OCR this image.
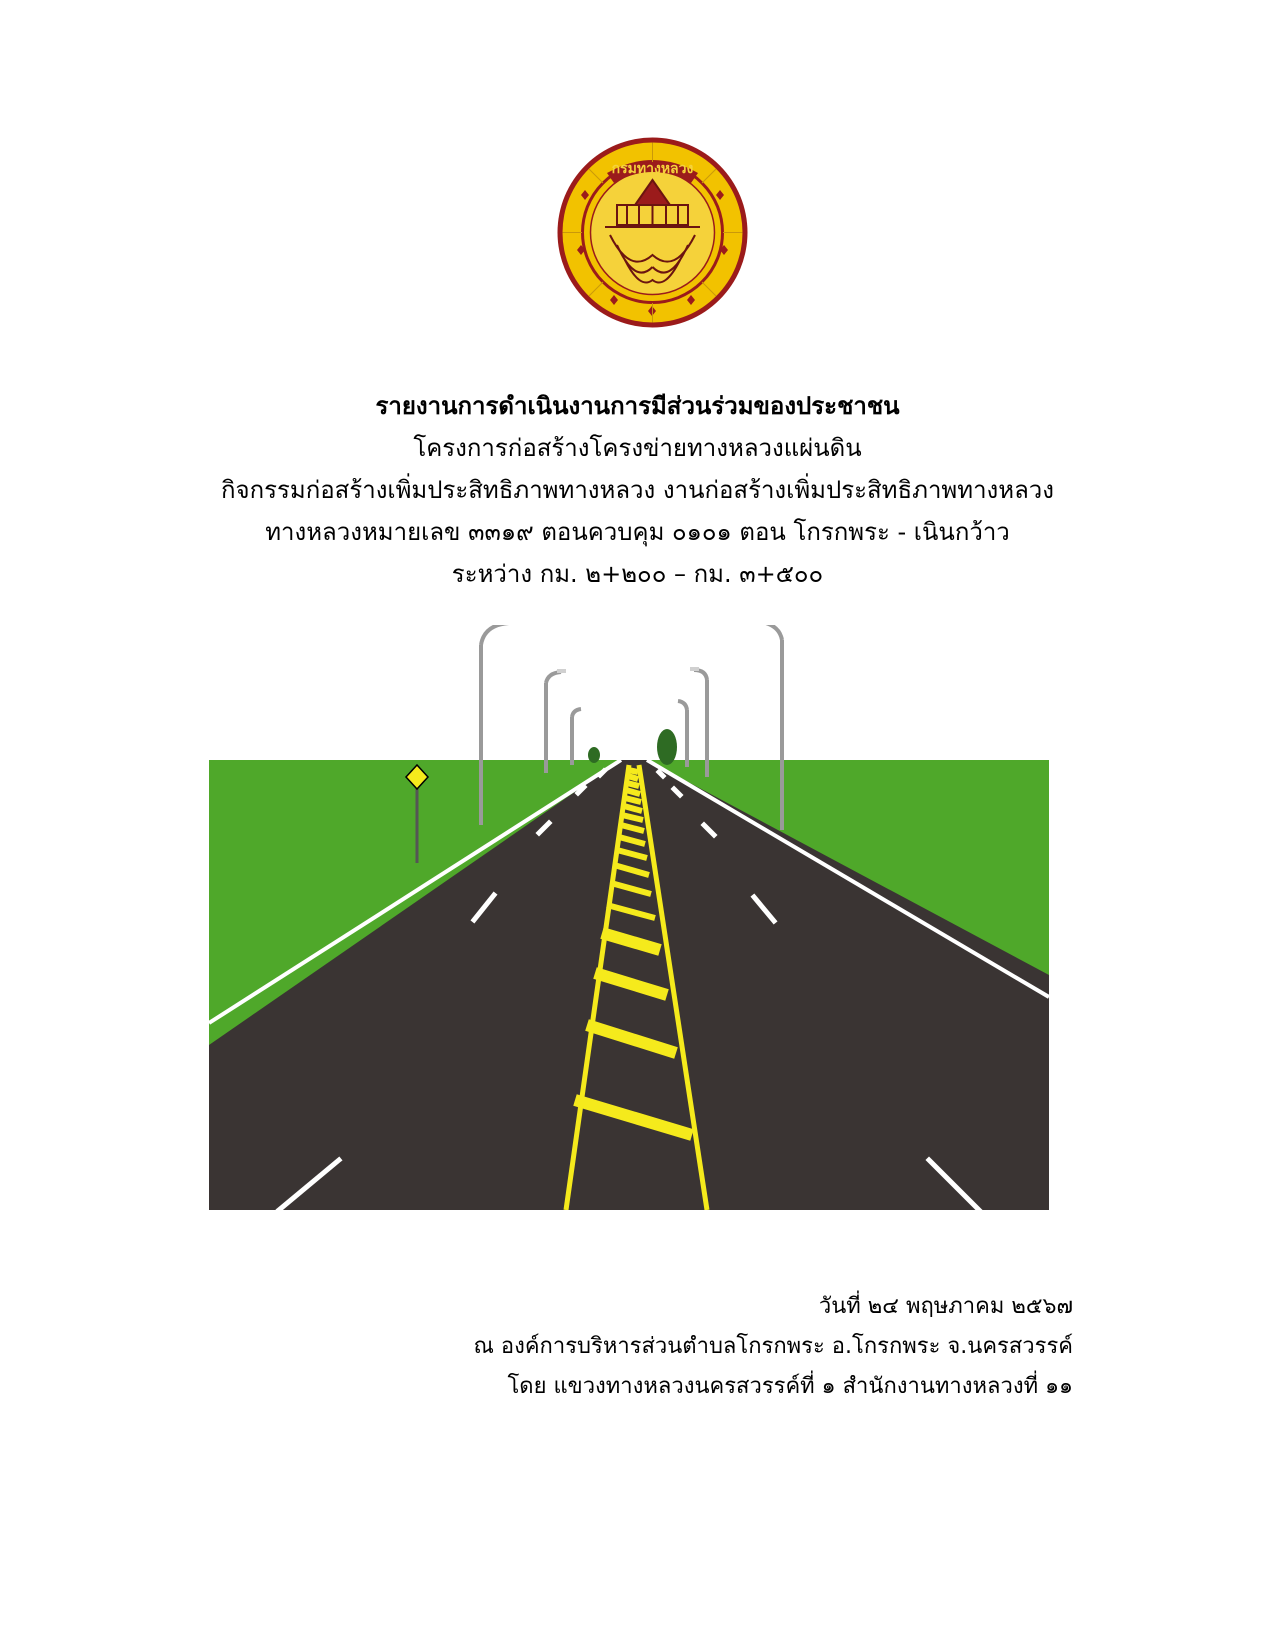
กรมทางหลวง
รายงานการดำเนินงานการมีส่วนร่วมของประชาชน
โครงการก่อสร้างโครงข่ายทางหลวงแผ่นดิน
กิจกรรมก่อสร้างเพิ่มประสิทธิภาพทางหลวง งานก่อสร้างเพิ่มประสิทธิภาพทางหลวง
ทางหลวงหมายเลข ๓๓๑๙ ตอนควบคุม ๐๑๐๑ ตอน โกรกพระ - เนินกว้าว
ระหว่าง กม. ๒+๒๐๐ – กม. ๓+๕๐๐
วันที่ ๒๔ พฤษภาคม ๒๕๖๗
ณ องค์การบริหารส่วนตำบลโกรกพระ อ.โกรกพระ จ.นครสวรรค์
โดย แขวงทางหลวงนครสวรรค์ที่ ๑ สำนักงานทางหลวงที่ ๑๑
